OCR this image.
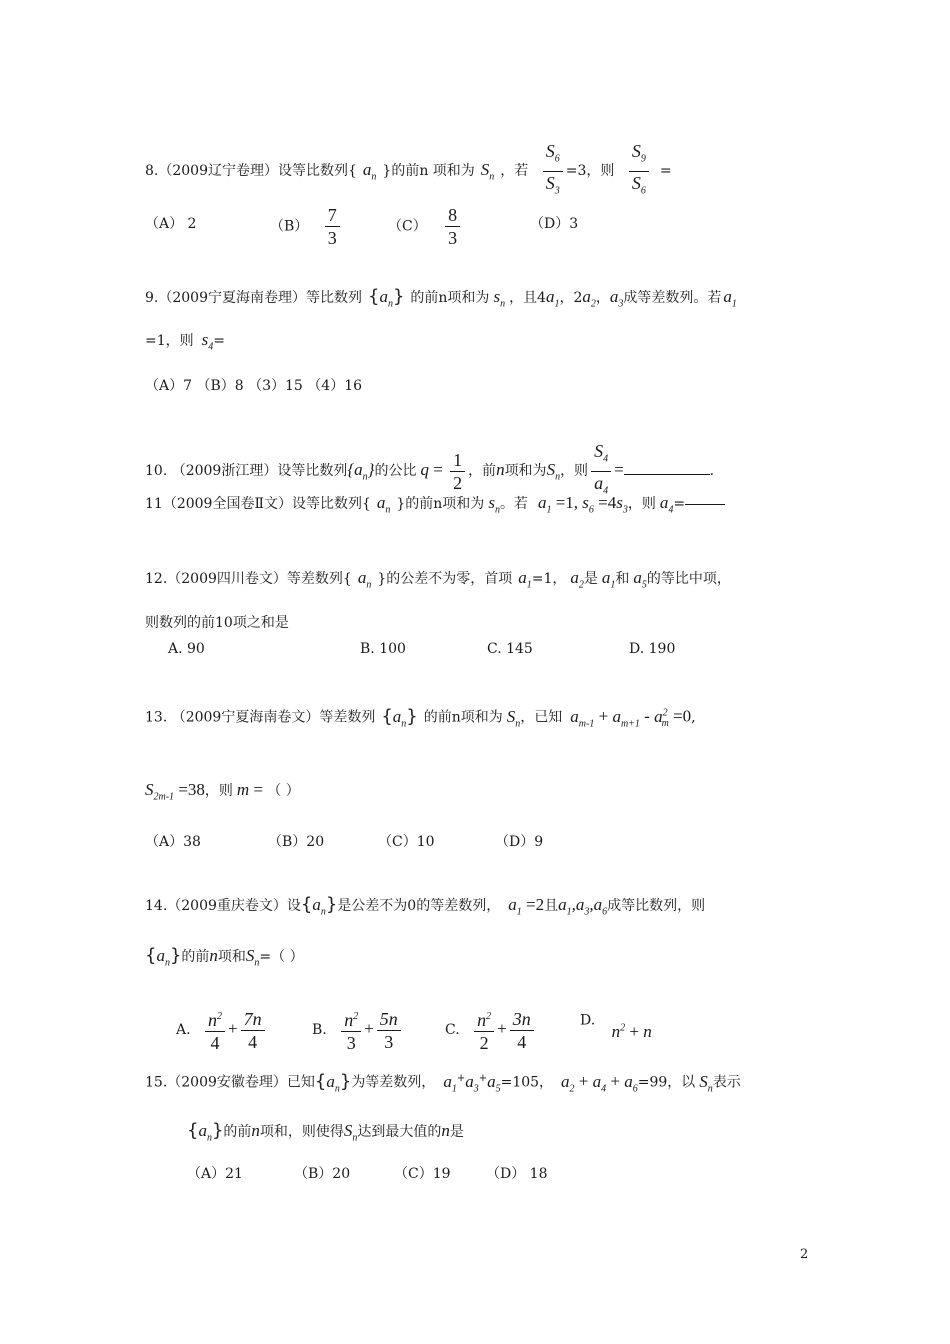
8.（2009辽宁卷理）设等比数列{ $a_n$ }的前n 项和为 $S_n$ ，若 $\frac{S_6}{S_3} =3$，则 $\frac{S_9}{S_6}$ =
（A） 2	$(B) \frac{7}{3}$	$(C) \frac{8}{3}$	（D）3
9.（2009宁夏海南卷理）等比数列 $\{a_n\}$ 的前n项和为 $s_n$ ，且$4a_1$，$2a_2$，$a_3$成等差数列。若 $a_1$
=1，则 $s_4=$
（A）7 （B）8 （3）15 （4）16
10. （2009浙江理）设等比数列$\{a_n\}$的公比 $q = \frac{1}{2}$ ，前n项和为$S_n$，则 $\frac{S_4}{a_4}$ =	.
11（2009全国卷Ⅱ文）设等比数列{ $a_n$ }的前n项和为 $s_n$。若 $a_1 =1$, $s_6 =4s_3$，则 $a_4=$
12.（2009四川卷文）等差数列{ $a_n$ }的公差不为零，首项 $a_1=1$， $a_2$是 $a_1$和 $a_5$的等比中项，
则数列的前10项之和是
A. 90	B. 100	C. 145	D. 190
13. （2009宁夏海南卷文）等差数列 $\{a_n\}$ 的前n项和为 $S_n$，已知 $a_{m-1} + a_{m+1} - a^2_m =0$,
$S_{2m-1} =38$，则 m = （ ）
（A）38	（B）20	（C）10	（D）9
14.（2009重庆卷文）设$\{a_n\}$是公差不为0的等差数列， $a_1 =2$且$a_1,a_3,a_6$成等比数列，则
$\{a_n\}$的前n项和$S_n=$（ ）
A. $\frac{n^2}{4} + \frac{7n}{4}$	B. $\frac{n^2}{3} + \frac{5n}{3}$	C. $\frac{n^2}{2} + \frac{3n}{4}$	D. $n^2 + n$
15.（2009安徽卷理）已知$\{a_n\}$为等差数列， $a_1^+a_3^+a_5=105$， $a_2 + a_4 + a_6=99$，以 $S_n$表示
$\{a_n\}$的前n项和，则使得$S_n$达到最大值的n是
（A）21	（B）20	（C）19	（D） 18
2
